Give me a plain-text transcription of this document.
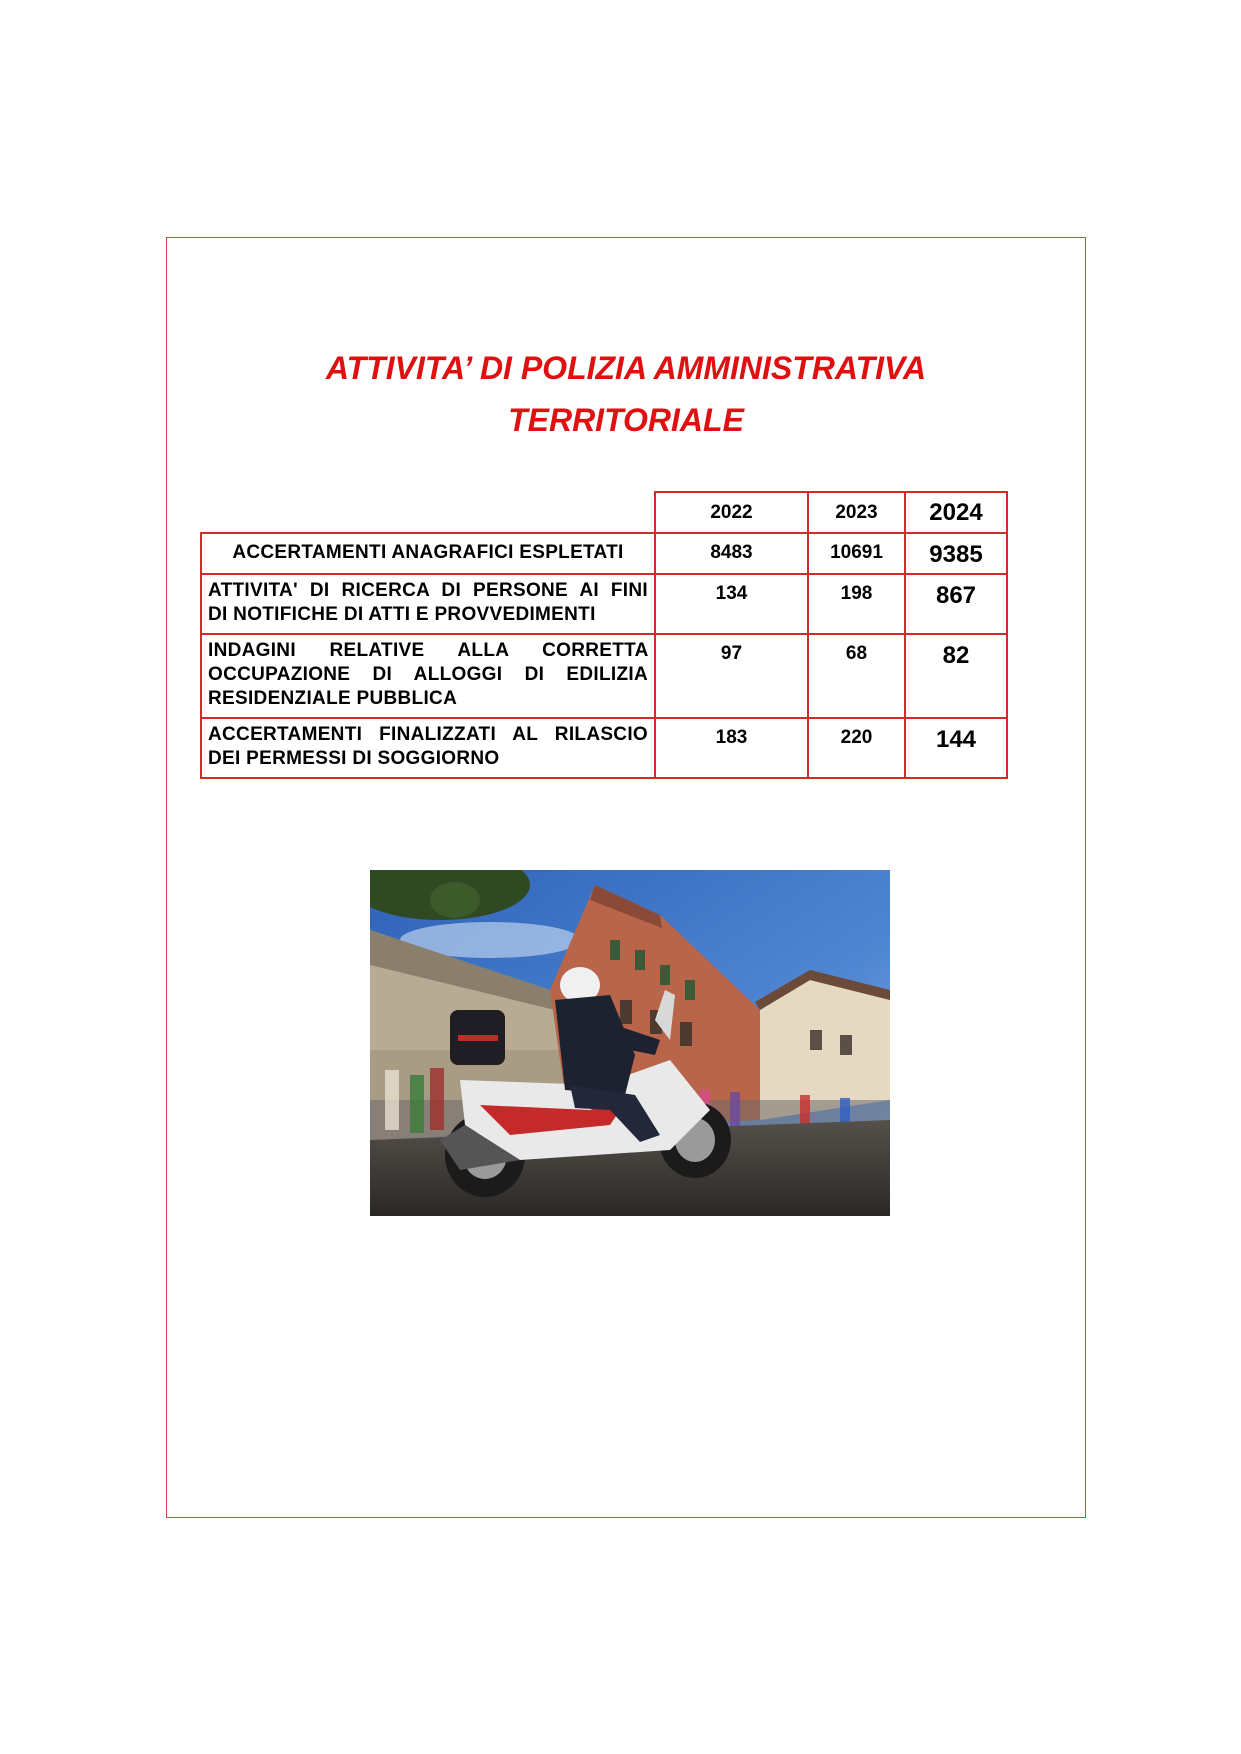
ATTIVITA’ DI POLIZIA AMMINISTRATIVA
TERRITORIALE
	2022	2023	2024
ACCERTAMENTI ANAGRAFICI ESPLETATI	8483	10691	9385
ATTIVITA' DI RICERCA DI PERSONE AI FINI
DI NOTIFICHE DI ATTI E PROVVEDIMENTI	134	198	867
INDAGINI RELATIVE ALLA CORRETTA OCCUPAZIONE DI ALLOGGI DI EDILIZIA
RESIDENZIALE PUBBLICA	97	68	82
ACCERTAMENTI FINALIZZATI AL RILASCIO
DEI PERMESSI DI SOGGIORNO	183	220	144
